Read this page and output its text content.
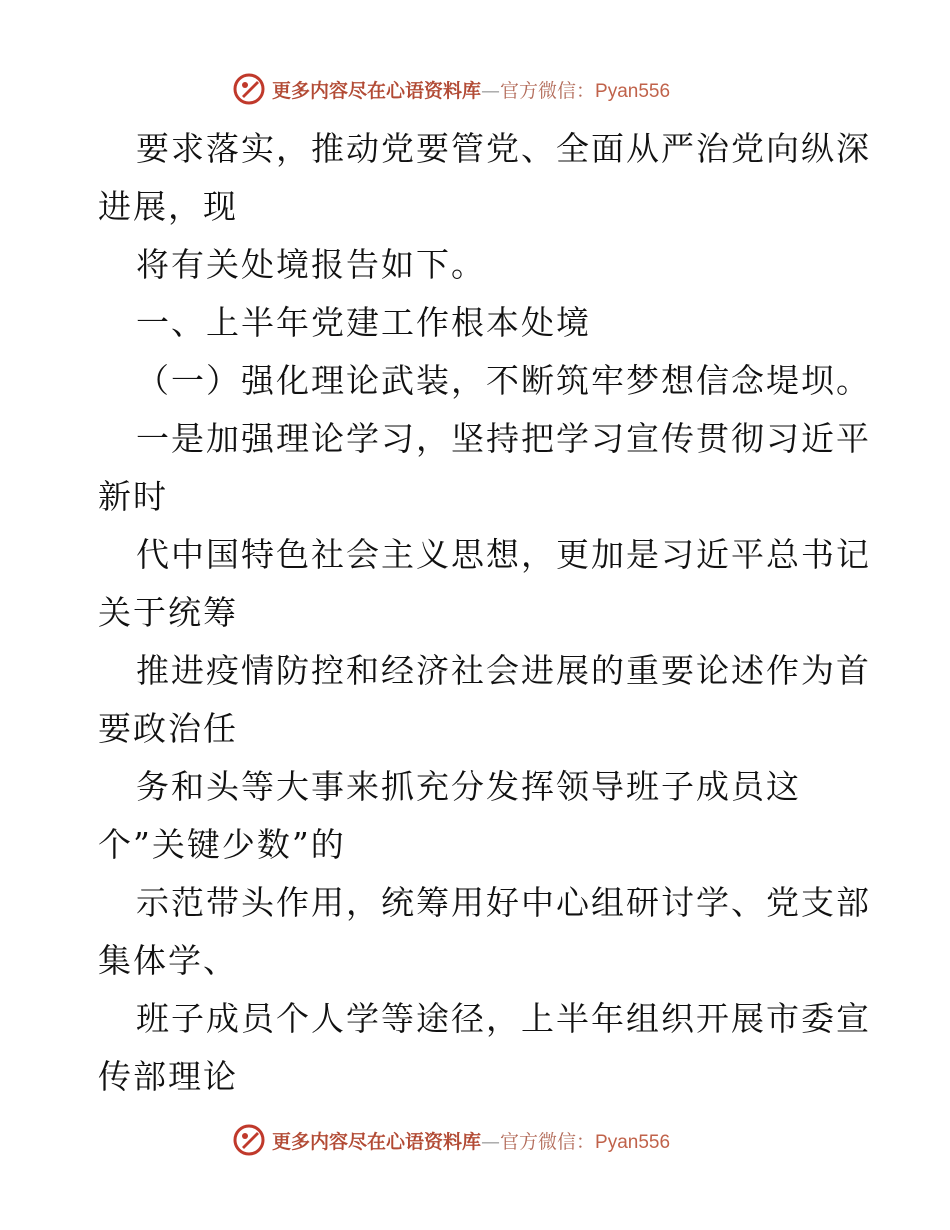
更多内容尽在心语资料库—官方微信：Pyan556
要求落实，推动党要管党、全面从严治党向纵深
进展，现
将有关处境报告如下。
一、上半年党建工作根本处境
（一）强化理论武装，不断筑牢梦想信念堤坝。
一是加强理论学习，坚持把学习宣传贯彻习近平
新时
代中国特色社会主义思想，更加是习近平总书记
关于统筹
推进疫情防控和经济社会进展的重要论述作为首
要政治任
务和头等大事来抓充分发挥领导班子成员这
个”关键少数”的
示范带头作用，统筹用好中心组研讨学、党支部
集体学、
班子成员个人学等途径，上半年组织开展市委宣
传部理论
更多内容尽在心语资料库—官方微信：Pyan556
